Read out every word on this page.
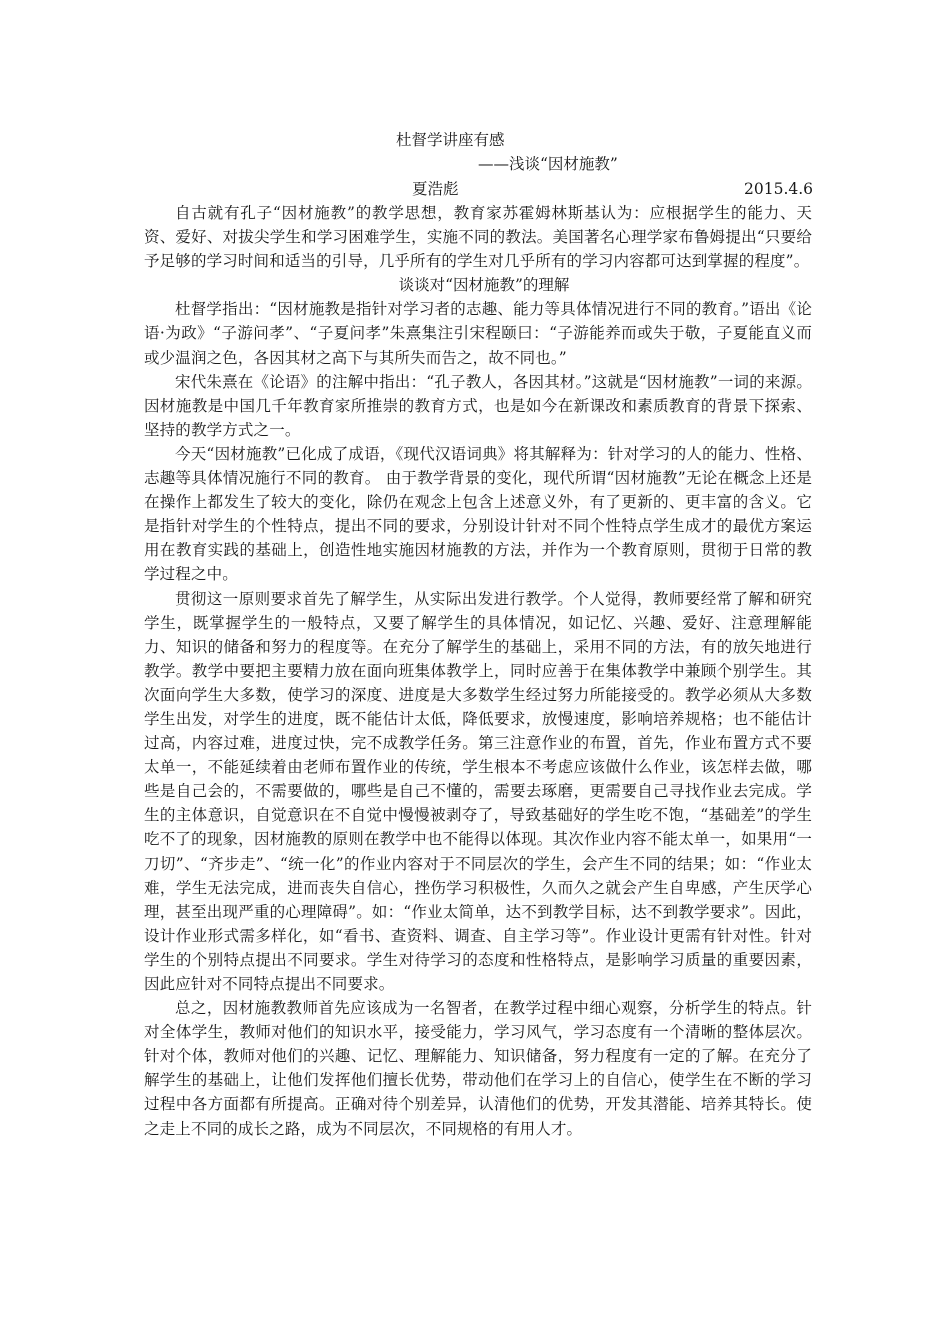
杜督学讲座有感
——浅谈“因材施教”
夏浩彪	2015.4.6

自古就有孔子“因材施教”的教学思想，教育家苏霍姆林斯基认为：应根据学生的能力、天资、爱好、对拔尖学生和学习困难学生，实施不同的教法。美国著名心理学家布鲁姆提出“只要给予足够的学习时间和适当的引导，几乎所有的学生对几乎所有的学习内容都可达到掌握的程度”。

谈谈对“因材施教”的理解

杜督学指出：“因材施教是指针对学习者的志趣、能力等具体情况进行不同的教育。”语出《论语·为政》“子游问孝”、“子夏问孝”朱熹集注引宋程颐曰：“子游能养而或失于敬，子夏能直义而或少温润之色，各因其材之高下与其所失而告之，故不同也。”

宋代朱熹在《论语》的注解中指出：“孔子教人，各因其材。”这就是“因材施教”一词的来源。因材施教是中国几千年教育家所推崇的教育方式，也是如今在新课改和素质教育的背景下探索、坚持的教学方式之一。

今天“因材施教”已化成了成语，《现代汉语词典》将其解释为：针对学习的人的能力、性格、志趣等具体情况施行不同的教育。 由于教学背景的变化，现代所谓“因材施教”无论在概念上还是在操作上都发生了较大的变化，除仍在观念上包含上述意义外，有了更新的、更丰富的含义。它是指针对学生的个性特点，提出不同的要求，分别设计针对不同个性特点学生成才的最优方案运用在教育实践的基础上，创造性地实施因材施教的方法，并作为一个教育原则，贯彻于日常的教学过程之中。

贯彻这一原则要求首先了解学生，从实际出发进行教学。个人觉得，教师要经常了解和研究学生，既掌握学生的一般特点，又要了解学生的具体情况，如记忆、兴趣、爱好、注意理解能力、知识的储备和努力的程度等。在充分了解学生的基础上，采用不同的方法，有的放矢地进行教学。教学中要把主要精力放在面向班集体教学上，同时应善于在集体教学中兼顾个别学生。其次面向学生大多数，使学习的深度、进度是大多数学生经过努力所能接受的。教学必须从大多数学生出发，对学生的进度，既不能估计太低，降低要求，放慢速度，影响培养规格；也不能估计过高，内容过难，进度过快，完不成教学任务。第三注意作业的布置，首先，作业布置方式不要太单一，不能延续着由老师布置作业的传统，学生根本不考虑应该做什么作业，该怎样去做，哪些是自己会的，不需要做的，哪些是自己不懂的，需要去琢磨，更需要自己寻找作业去完成。学生的主体意识，自觉意识在不自觉中慢慢被剥夺了，导致基础好的学生吃不饱，“基础差”的学生吃不了的现象，因材施教的原则在教学中也不能得以体现。其次作业内容不能太单一，如果用“一刀切”、“齐步走”、“统一化”的作业内容对于不同层次的学生，会产生不同的结果；如：“作业太难，学生无法完成，进而丧失自信心，挫伤学习积极性，久而久之就会产生自卑感，产生厌学心理，甚至出现严重的心理障碍”。如：“作业太简单，达不到教学目标，达不到教学要求”。因此，设计作业形式需多样化，如“看书、查资料、调查、自主学习等”。作业设计更需有针对性。针对学生的个别特点提出不同要求。学生对待学习的态度和性格特点，是影响学习质量的重要因素，因此应针对不同特点提出不同要求。

总之，因材施教教师首先应该成为一名智者，在教学过程中细心观察，分析学生的特点。针对全体学生，教师对他们的知识水平，接受能力，学习风气，学习态度有一个清晰的整体层次。针对个体，教师对他们的兴趣、记忆、理解能力、知识储备，努力程度有一定的了解。在充分了解学生的基础上，让他们发挥他们擅长优势，带动他们在学习上的自信心，使学生在不断的学习过程中各方面都有所提高。正确对待个别差异，认清他们的优势，开发其潜能、培养其特长。使之走上不同的成长之路，成为不同层次，不同规格的有用人才。
